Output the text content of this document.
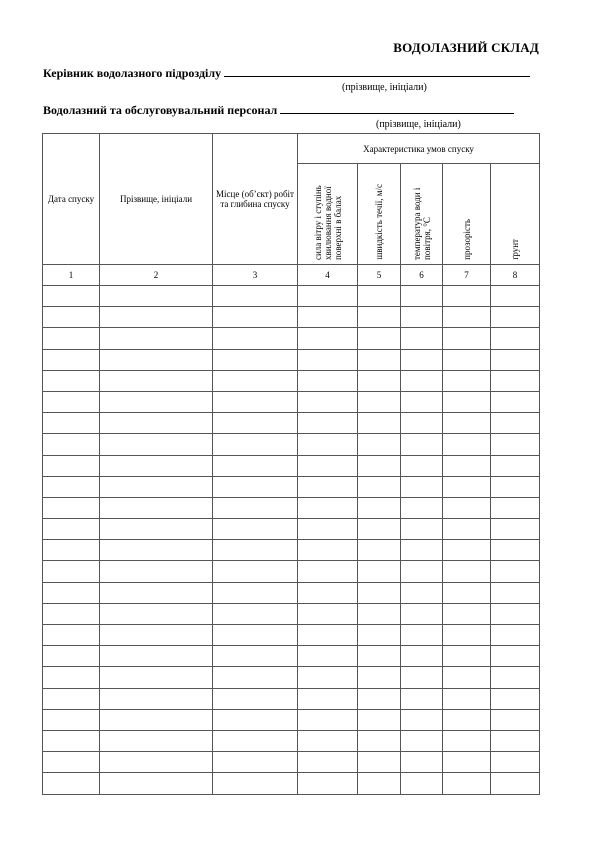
ВОДОЛАЗНИЙ СКЛАД
Керівник водолазного підрозділу
(прізвище, ініціали)
Водолазний та обслуговувальний персонал
(прізвище, ініціали)
Дата спуску	Прізвище, ініціали	Місце (об’єкт) робіт та глибина спуску	Характеристика умов спуску				

			сила вітру і ступінь хвилювання водної поверхні в балах	швидкість течії, м/с	температура води і повітря, °С	прозорість	ґрунт

1	2	3	4	5	6	7	8
